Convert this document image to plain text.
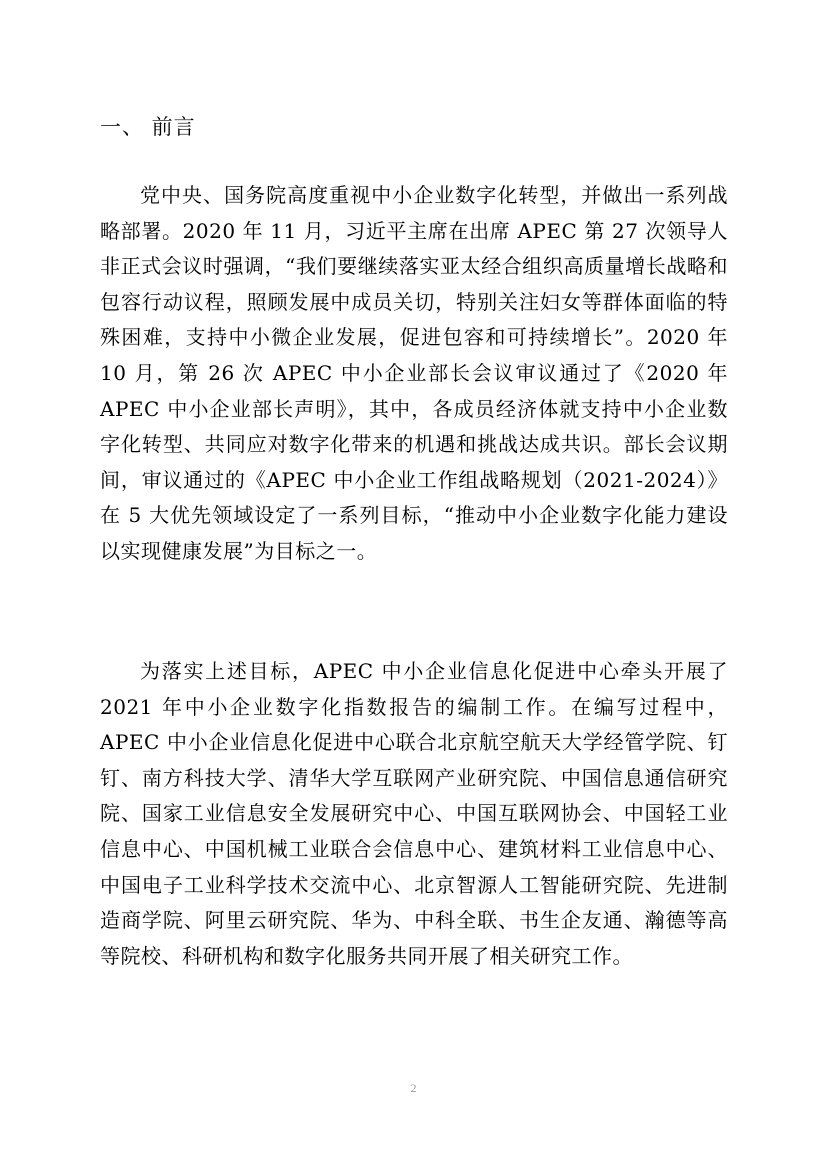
一、 前言

党中央、国务院高度重视中小企业数字化转型，并做出一系列战略部署。2020 年 11 月，习近平主席在出席 APEC 第 27 次领导人非正式会议时强调，“我们要继续落实亚太经合组织高质量增长战略和包容行动议程，照顾发展中成员关切，特别关注妇女等群体面临的特殊困难，支持中小微企业发展，促进包容和可持续增长”。2020 年 10 月，第 26 次 APEC 中小企业部长会议审议通过了《2020 年 APEC 中小企业部长声明》，其中，各成员经济体就支持中小企业数字化转型、共同应对数字化带来的机遇和挑战达成共识。部长会议期间，审议通过的《APEC 中小企业工作组战略规划（2021-2024）》在 5 大优先领域设定了一系列目标，“推动中小企业数字化能力建设以实现健康发展”为目标之一。

为落实上述目标，APEC 中小企业信息化促进中心牵头开展了 2021 年中小企业数字化指数报告的编制工作。在编写过程中，APEC 中小企业信息化促进中心联合北京航空航天大学经管学院、钉钉、南方科技大学、清华大学互联网产业研究院、中国信息通信研究院、国家工业信息安全发展研究中心、中国互联网协会、中国轻工业信息中心、中国机械工业联合会信息中心、建筑材料工业信息中心、中国电子工业科学技术交流中心、北京智源人工智能研究院、先进制造商学院、阿里云研究院、华为、中科全联、书生企友通、瀚德等高等院校、科研机构和数字化服务共同开展了相关研究工作。

2
